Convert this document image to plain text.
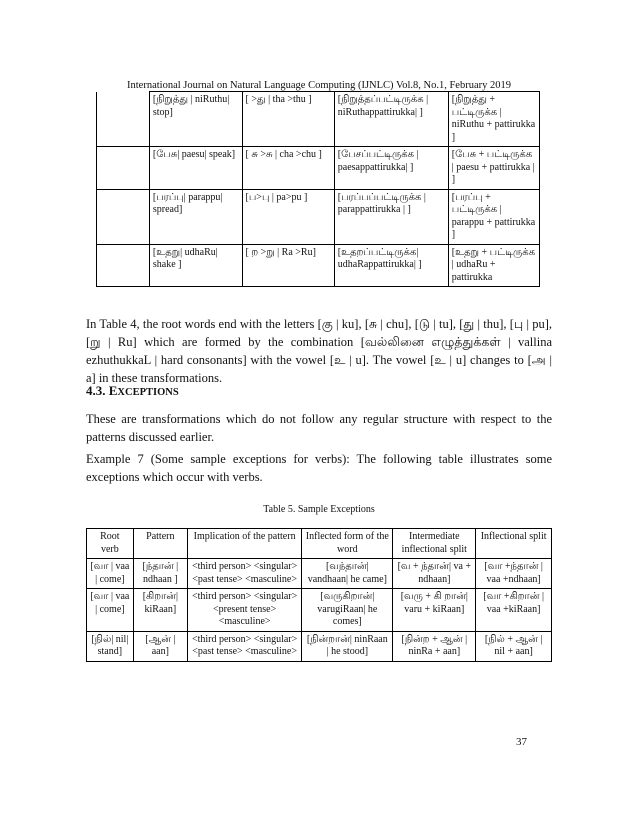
International Journal on Natural Language Computing (IJNLC) Vol.8, No.1, February 2019
	[நிறுத்து | niRuthu| stop]	[ >து | tha >thu ]	[நிறுத்தப்பட்டிருக்க | niRuthappattirukka| ]	[நிறுத்து + பட்டிருக்க | niRuthu + pattirukka ]
	[பேசு| paesu| speak]	[ சு >சு | cha >chu ]	[பேசப்பட்டிருக்க | paesappattirukka| ]	[பேசு + பட்டிருக்க | paesu + pattirukka | ]
	[பரப்பு| parappu| spread]	[ப>பு | pa>pu ]	[பரப்பப்பட்டிருக்க | parappattirukka | ]	[பரப்பு + பட்டிருக்க | parappu + pattirukka ]
	[உதறு| udhaRu| shake ]	[ ற >று | Ra >Ru]	[உதறப்பட்டிருக்க| udhaRappattirukka| ]	[உதறு + பட்டிருக்க | udhaRu + pattirukka
In Table 4, the root words end with the letters [கு | ku], [சு | chu], [டு | tu], [து | thu], [பு | pu], [று | Ru] which are formed by the combination [வல்லினை எழுத்துக்கள் | vallina ezhuthukkaL | hard consonants] with the vowel [உ | u]. The vowel [உ | u] changes to [அ | a] in these transformations.
4.3. EXCEPTIONS
These are transformations which do not follow any regular structure with respect to the patterns discussed earlier.
Example 7 (Some sample exceptions for verbs): The following table illustrates some exceptions which occur with verbs.
Table 5. Sample Exceptions
Root verb	Pattern	Implication of the pattern	Inflected form of the word	Intermediate inflectional split	Inflectional split
[வா | vaa | come]	[ந்தான் | ndhaan ]	<third person> <singular> <past tense> <masculine>	[வந்தான்| vandhaan| he came]	[வ + ந்தான்| va + ndhaan]	[வா +ந்தான் | vaa +ndhaan]
[வா | vaa | come]	[கிறான்| kiRaan]	<third person> <singular> <present tense> <masculine>	[வருகிறான்| varugiRaan| he comes]	[வரு + கி றான்| varu + kiRaan]	[வா +கிறான் | vaa +kiRaan]
[நில்| nil| stand]	[ஆன் | aan]	<third person> <singular> <past tense> <masculine>	[நின்றான்| ninRaan | he stood]	[நின்ற + ஆன் | ninRa + aan]	[நில் + ஆன் | nil + aan]
37
